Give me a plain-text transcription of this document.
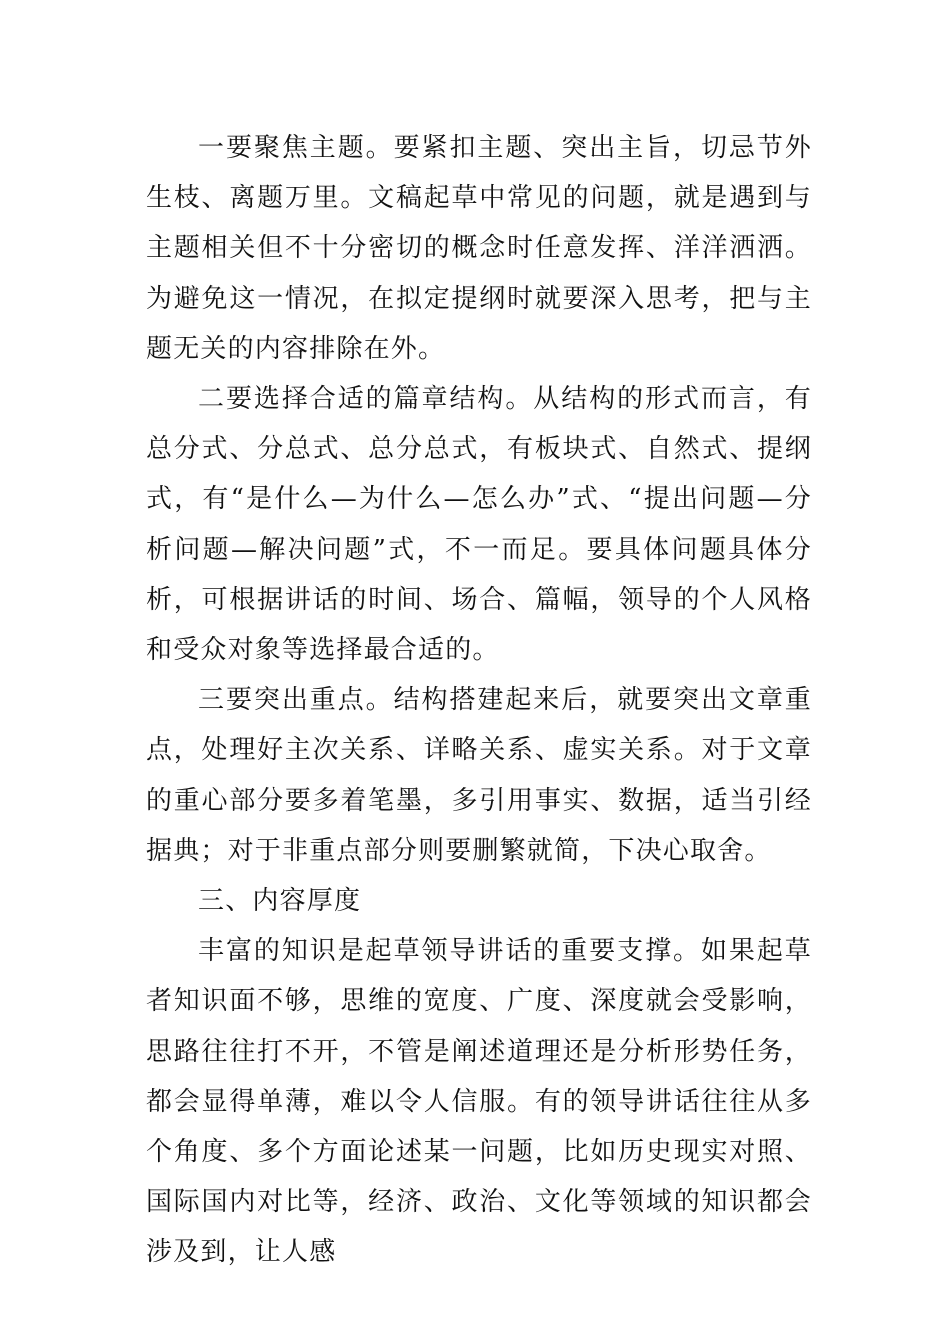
一要聚焦主题。要紧扣主题、突出主旨，切忌节外生枝、离题万里。文稿起草中常见的问题，就是遇到与主题相关但不十分密切的概念时任意发挥、洋洋洒洒。为避免这一情况，在拟定提纲时就要深入思考，把与主题无关的内容排除在外。

二要选择合适的篇章结构。从结构的形式而言，有总分式、分总式、总分总式，有板块式、自然式、提纲式，有“是什么—为什么—怎么办”式、“提出问题—分析问题—解决问题”式，不一而足。要具体问题具体分析，可根据讲话的时间、场合、篇幅，领导的个人风格和受众对象等选择最合适的。

三要突出重点。结构搭建起来后，就要突出文章重点，处理好主次关系、详略关系、虚实关系。对于文章的重心部分要多着笔墨，多引用事实、数据，适当引经据典；对于非重点部分则要删繁就简，下决心取舍。

三、内容厚度

丰富的知识是起草领导讲话的重要支撑。如果起草者知识面不够，思维的宽度、广度、深度就会受影响，思路往往打不开，不管是阐述道理还是分析形势任务，都会显得单薄，难以令人信服。有的领导讲话往往从多个角度、多个方面论述某一问题，比如历史现实对照、国际国内对比等，经济、政治、文化等领域的知识都会涉及到，让人感
